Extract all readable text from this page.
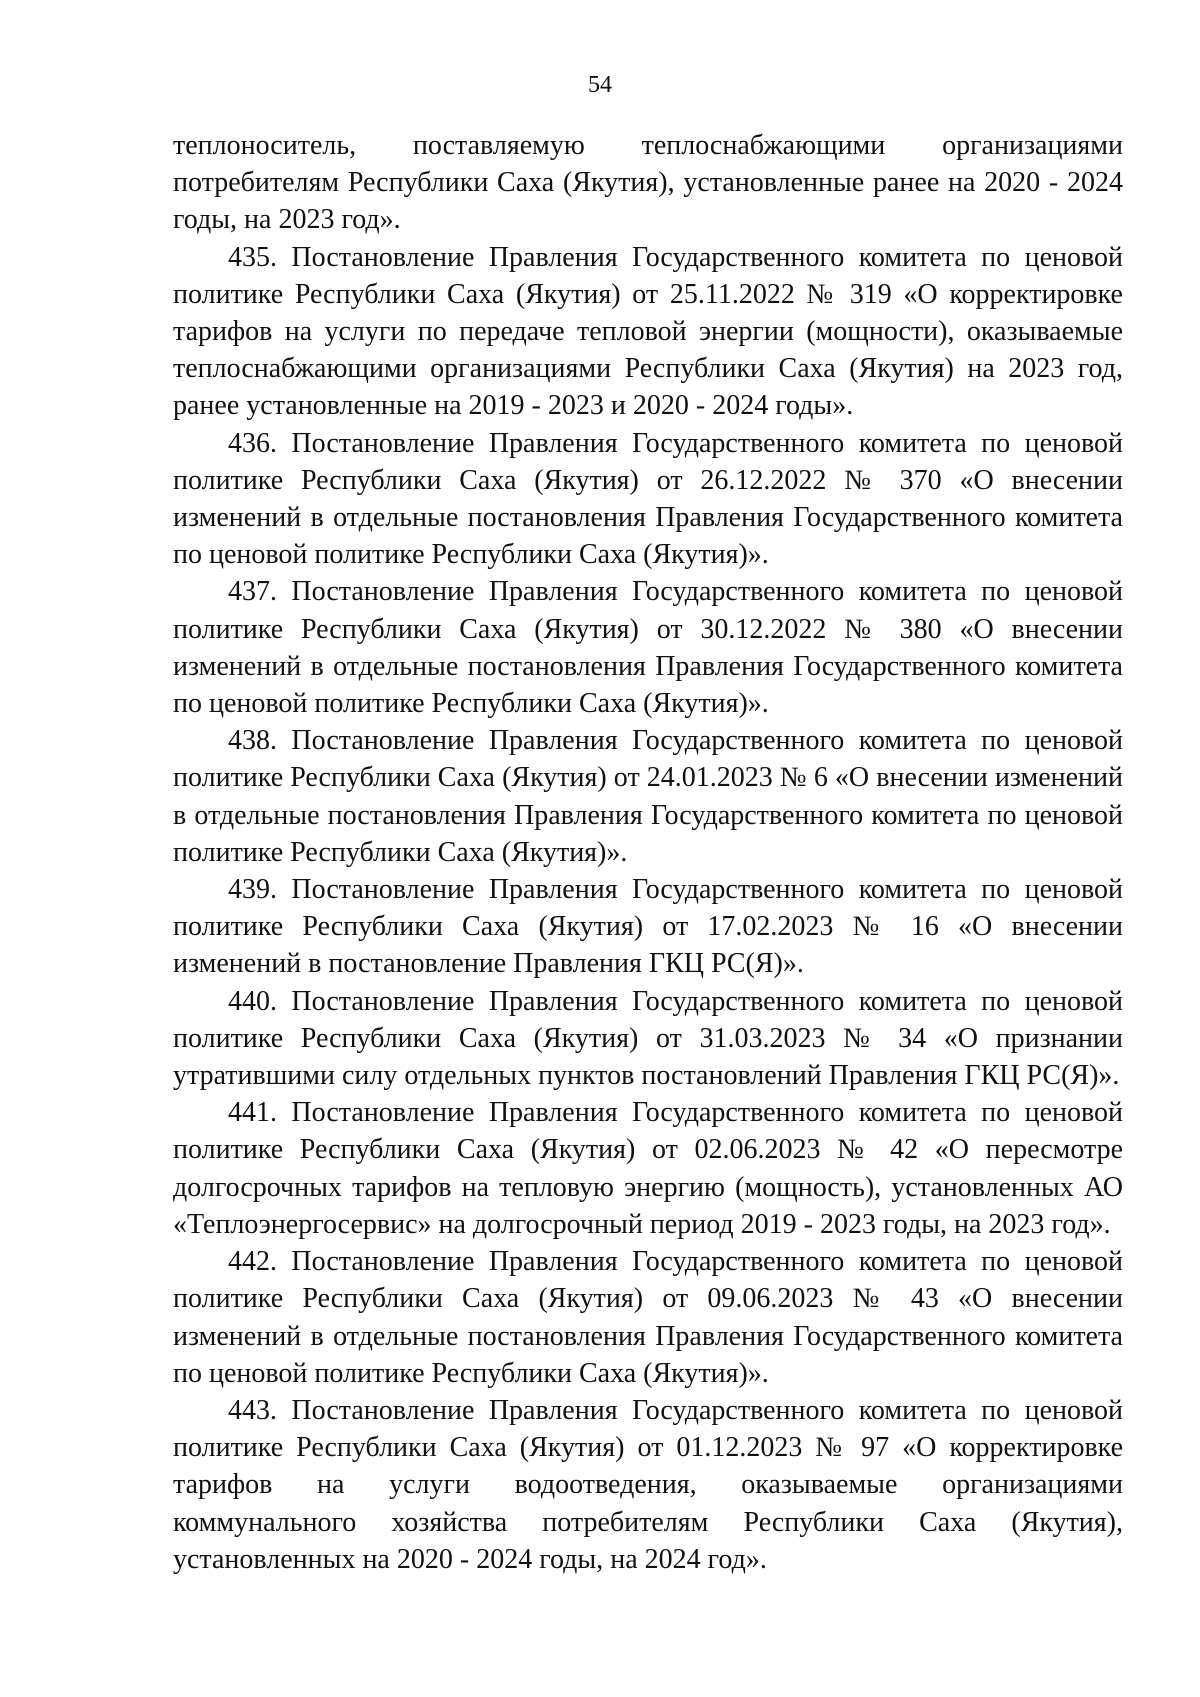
54

теплоноситель, поставляемую теплоснабжающими организациями потребителям Республики Саха (Якутия), установленные ранее на 2020 - 2024 годы, на 2023 год».

435. Постановление Правления Государственного комитета по ценовой политике Республики Саха (Якутия) от 25.11.2022 № 319 «О корректировке тарифов на услуги по передаче тепловой энергии (мощности), оказываемые теплоснабжающими организациями Республики Саха (Якутия) на 2023 год, ранее установленные на 2019 - 2023 и 2020 - 2024 годы».

436. Постановление Правления Государственного комитета по ценовой политике Республики Саха (Якутия) от 26.12.2022 № 370 «О внесении изменений в отдельные постановления Правления Государственного комитета по ценовой политике Республики Саха (Якутия)».

437. Постановление Правления Государственного комитета по ценовой политике Республики Саха (Якутия) от 30.12.2022 № 380 «О внесении изменений в отдельные постановления Правления Государственного комитета по ценовой политике Республики Саха (Якутия)».

438. Постановление Правления Государственного комитета по ценовой политике Республики Саха (Якутия) от 24.01.2023 № 6 «О внесении изменений в отдельные постановления Правления Государственного комитета по ценовой политике Республики Саха (Якутия)».

439. Постановление Правления Государственного комитета по ценовой политике Республики Саха (Якутия) от 17.02.2023 № 16 «О внесении изменений в постановление Правления ГКЦ РС(Я)».

440. Постановление Правления Государственного комитета по ценовой политике Республики Саха (Якутия) от 31.03.2023 № 34 «О признании утратившими силу отдельных пунктов постановлений Правления ГКЦ РС(Я)».

441. Постановление Правления Государственного комитета по ценовой политике Республики Саха (Якутия) от 02.06.2023 № 42 «О пересмотре долгосрочных тарифов на тепловую энергию (мощность), установленных АО «Теплоэнергосервис» на долгосрочный период 2019 - 2023 годы, на 2023 год».

442. Постановление Правления Государственного комитета по ценовой политике Республики Саха (Якутия) от 09.06.2023 № 43 «О внесении изменений в отдельные постановления Правления Государственного комитета по ценовой политике Республики Саха (Якутия)».

443. Постановление Правления Государственного комитета по ценовой политике Республики Саха (Якутия) от 01.12.2023 № 97 «О корректировке тарифов на услуги водоотведения, оказываемые организациями коммунального хозяйства потребителям Республики Саха (Якутия), установленных на 2020 - 2024 годы, на 2024 год».
